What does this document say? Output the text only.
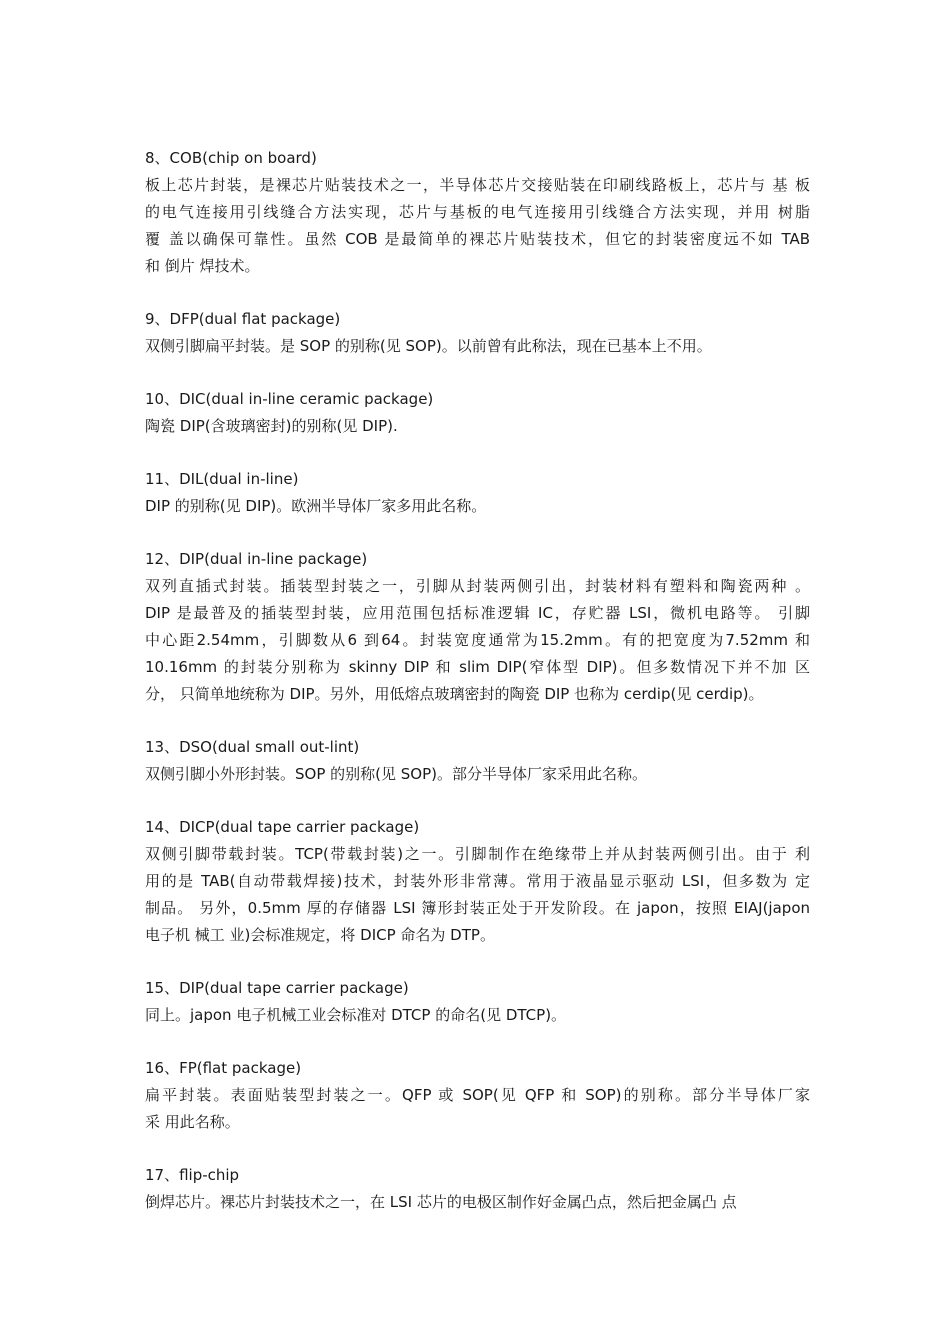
8、COB(chip on board)
板上芯片封装，是裸芯片贴装技术之一，半导体芯片交接贴装在印刷线路板上，芯片与 基 板
的电气连接用引线缝合方法实现，芯片与基板的电气连接用引线缝合方法实现，并用 树脂
覆 盖以确保可靠性。虽然 COB 是最简单的裸芯片贴装技术，但它的封装密度远不如 TAB
和 倒片 焊技术。
9、DFP(dual flat package)
双侧引脚扁平封装。是 SOP 的别称(见 SOP)。以前曾有此称法，现在已基本上不用。
10、DIC(dual in-line ceramic package)
陶瓷 DIP(含玻璃密封)的别称(见 DIP).
11、DIL(dual in-line)
DIP 的别称(见 DIP)。欧洲半导体厂家多用此名称。
12、DIP(dual in-line package)
双列直插式封装。插装型封装之一，引脚从封装两侧引出，封装材料有塑料和陶瓷两种 。
DIP 是最普及的插装型封装，应用范围包括标准逻辑 IC，存贮器 LSI，微机电路等。 引脚
中心距2.54mm，引脚数从6 到64。封装宽度通常为15.2mm。有的把宽度为7.52mm 和
10.16mm 的封装分别称为 skinny DIP 和 slim DIP(窄体型 DIP)。但多数情况下并不加 区
分， 只简单地统称为 DIP。另外，用低熔点玻璃密封的陶瓷 DIP 也称为 cerdip(见 cerdip)。
13、DSO(dual small out-lint)
双侧引脚小外形封装。SOP 的别称(见 SOP)。部分半导体厂家采用此名称。
14、DICP(dual tape carrier package)
双侧引脚带载封装。TCP(带载封装)之一。引脚制作在绝缘带上并从封装两侧引出。由于 利
用的是 TAB(自动带载焊接)技术，封装外形非常薄。常用于液晶显示驱动 LSI，但多数为 定
制品。 另外，0.5mm 厚的存储器 LSI 簿形封装正处于开发阶段。在 japon，按照 EIAJ(japon
电子机 械工 业)会标准规定，将 DICP 命名为 DTP。
15、DIP(dual tape carrier package)
同上。japon 电子机械工业会标准对 DTCP 的命名(见 DTCP)。
16、FP(flat package)
扁平封装。表面贴装型封装之一。QFP 或 SOP(见 QFP 和 SOP)的别称。部分半导体厂家
采 用此名称。
17、flip-chip
倒焊芯片。裸芯片封装技术之一，在 LSI 芯片的电极区制作好金属凸点，然后把金属凸 点
